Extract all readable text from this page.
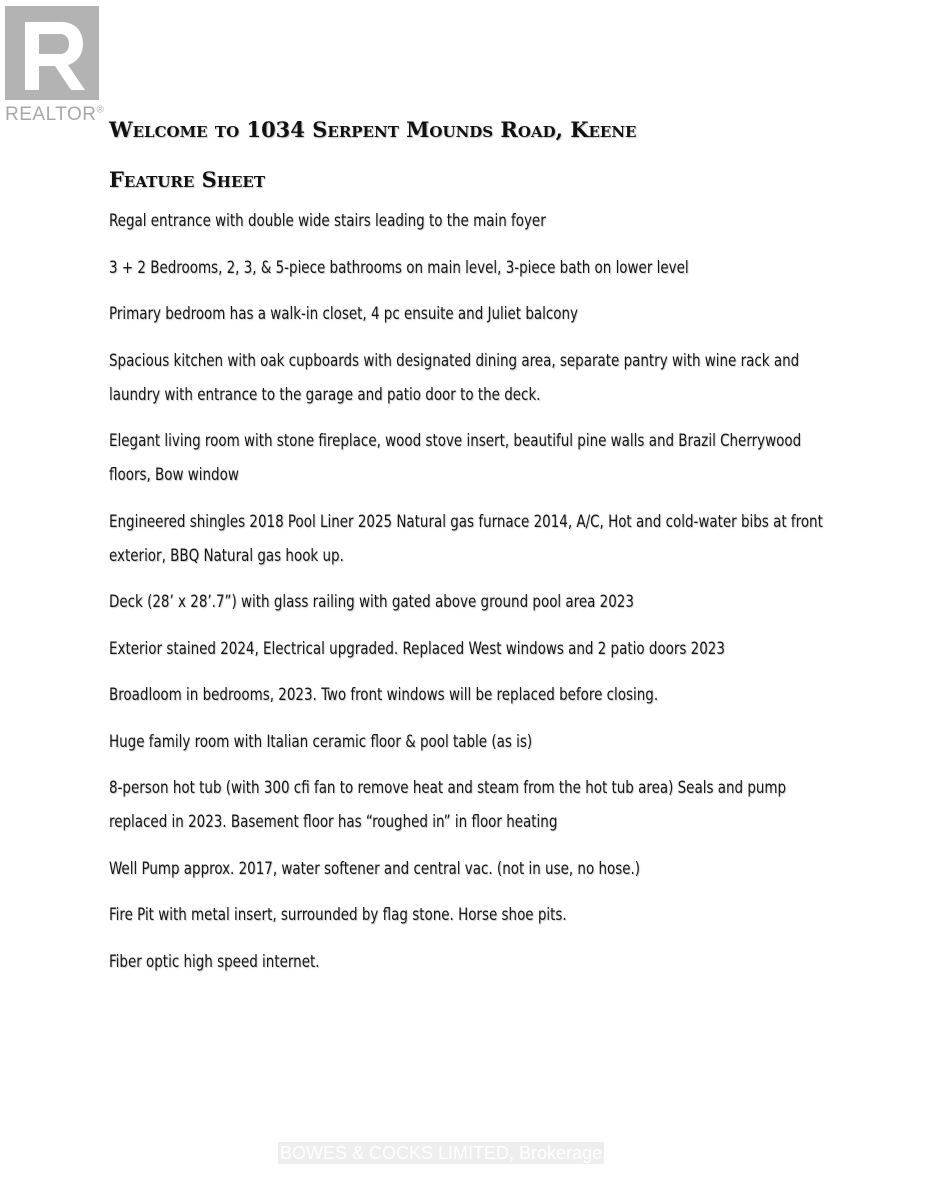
REALTOR®
Welcome to 1034 Serpent Mounds Road, Keene
Feature Sheet
Regal entrance with double wide stairs leading to the main foyer
3 + 2 Bedrooms, 2, 3, & 5-piece bathrooms on main level, 3-piece bath on lower level
Primary bedroom has a walk-in closet, 4 pc ensuite and Juliet balcony
Spacious kitchen with oak cupboards with designated dining area, separate pantry with wine rack and laundry with entrance to the garage and patio door to the deck.
Elegant living room with stone fireplace, wood stove insert, beautiful pine walls and Brazil Cherrywood floors, Bow window
Engineered shingles 2018 Pool Liner 2025 Natural gas furnace 2014, A/C, Hot and cold-water bibs at front exterior, BBQ Natural gas hook up.
Deck (28’ x 28’.7”) with glass railing with gated above ground pool area 2023
Exterior stained 2024, Electrical upgraded. Replaced West windows and 2 patio doors 2023
Broadloom in bedrooms, 2023. Two front windows will be replaced before closing.
Huge family room with Italian ceramic floor & pool table (as is)
8-person hot tub (with 300 cfi fan to remove heat and steam from the hot tub area) Seals and pump replaced in 2023. Basement floor has “roughed in” in floor heating
Well Pump approx. 2017, water softener and central vac. (not in use, no hose.)
Fire Pit with metal insert, surrounded by flag stone. Horse shoe pits.
Fiber optic high speed internet.
BOWES & COCKS LIMITED, Brokerage
